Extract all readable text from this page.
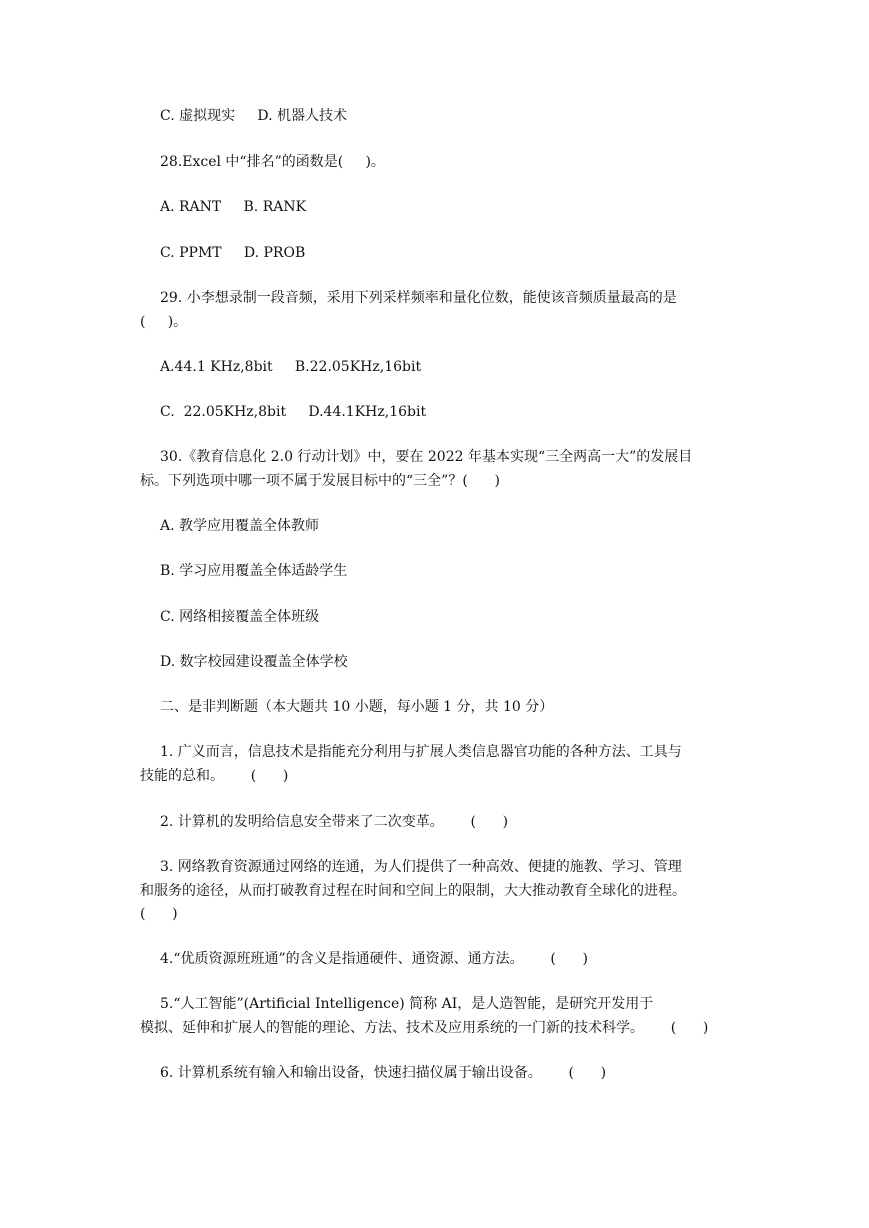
C. 虚拟现实     D. 机器人技术
28.Excel 中“排名”的函数是(     )。
A. RANT     B. RANK
C. PPMT     D. PROB
29. 小李想录制一段音频，采用下列采样频率和量化位数，能使该音频质量最高的是
(     )。
A.44.1 KHz,8bit     B.22.05KHz,16bit
C.  22.05KHz,8bit     D.44.1KHz,16bit
30.《教育信息化 2.0 行动计划》中，要在 2022 年基本实现“三全两高一大”的发展目
标。下列选项中哪一项不属于发展目标中的“三全”？(      )
A. 教学应用覆盖全体教师
B. 学习应用覆盖全体适龄学生
C. 网络相接覆盖全体班级
D. 数字校园建设覆盖全体学校
二、是非判断题（本大题共 10 小题，每小题 1 分，共 10 分）
1. 广义而言，信息技术是指能充分利用与扩展人类信息器官功能的各种方法、工具与
技能的总和。      (      )
2. 计算机的发明给信息安全带来了二次变革。      (      )
3. 网络教育资源通过网络的连通，为人们提供了一种高效、便捷的施教、学习、管理
和服务的途径，从而打破教育过程在时间和空间上的限制，大大推动教育全球化的进程。
(      )
4.“优质资源班班通”的含义是指通硬件、通资源、通方法。      (      )
5.“人工智能”(Artificial Intelligence) 简称 AI，是人造智能，是研究开发用于
模拟、延伸和扩展人的智能的理论、方法、技术及应用系统的一门新的技术科学。      (      )
6. 计算机系统有输入和输出设备，快速扫描仪属于输出设备。      (      )
